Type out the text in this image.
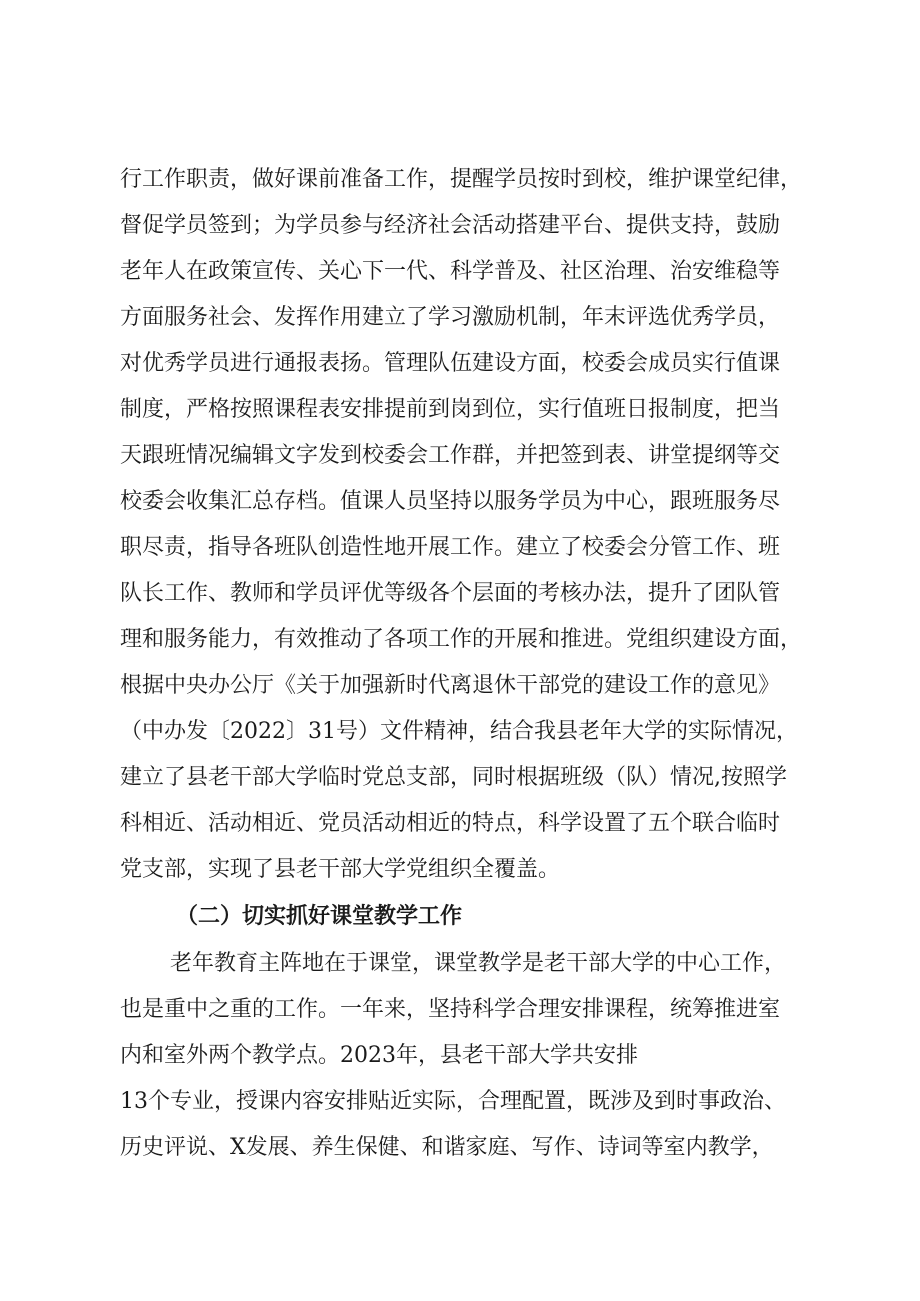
行工作职责，做好课前准备工作，提醒学员按时到校，维护课堂纪律，
督促学员签到；为学员参与经济社会活动搭建平台、提供支持，鼓励
老年人在政策宣传、关心下一代、科学普及、社区治理、治安维稳等
方面服务社会、发挥作用建立了学习激励机制，年末评选优秀学员，
对优秀学员进行通报表扬。管理队伍建设方面，校委会成员实行值课
制度，严格按照课程表安排提前到岗到位，实行值班日报制度，把当
天跟班情况编辑文字发到校委会工作群，并把签到表、讲堂提纲等交
校委会收集汇总存档。值课人员坚持以服务学员为中心，跟班服务尽
职尽责，指导各班队创造性地开展工作。建立了校委会分管工作、班
队长工作、教师和学员评优等级各个层面的考核办法，提升了团队管
理和服务能力，有效推动了各项工作的开展和推进。党组织建设方面，
根据中央办公厅《关于加强新时代离退休干部党的建设工作的意见》
（中办发〔2022〕31号）文件精神，结合我县老年大学的实际情况，
建立了县老干部大学临时党总支部，同时根据班级（队）情况,按照学
科相近、活动相近、党员活动相近的特点，科学设置了五个联合临时
党支部，实现了县老干部大学党组织全覆盖。
（二）切实抓好课堂教学工作
老年教育主阵地在于课堂，课堂教学是老干部大学的中心工作，
也是重中之重的工作。一年来，坚持科学合理安排课程，统筹推进室
内和室外两个教学点。2023年，县老干部大学共安排
13个专业，授课内容安排贴近实际，合理配置，既涉及到时事政治、
历史评说、X发展、养生保健、和谐家庭、写作、诗词等室内教学，
